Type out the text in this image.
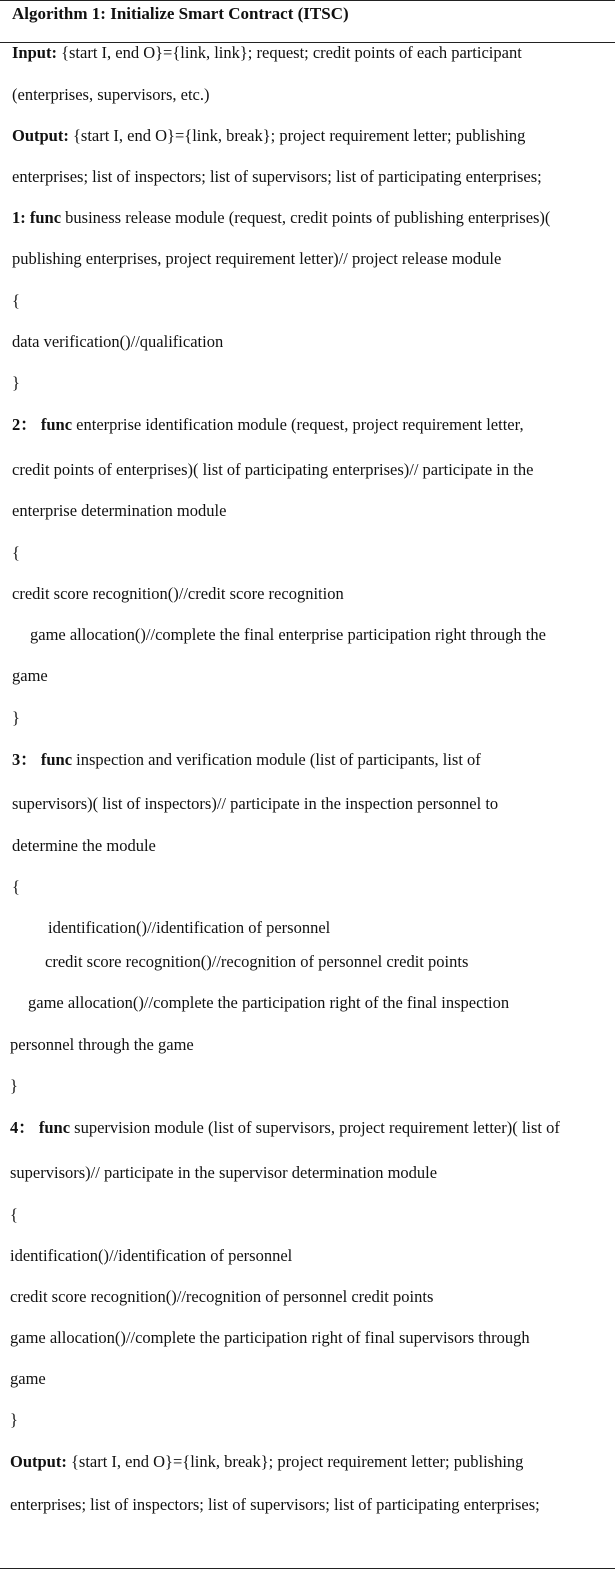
Algorithm 1: Initialize Smart Contract (ITSC)
Input: {start I, end O}={link, link}; request; credit points of each participant
(enterprises, supervisors, etc.)
Output: {start I, end O}={link, break}; project requirement letter; publishing
enterprises; list of inspectors; list of supervisors; list of participating enterprises;
1: func business release module (request, credit points of publishing enterprises)(
publishing enterprises, project requirement letter)// project release module
{
data verification()//qualification
}
2： func enterprise identification module (request, project requirement letter,
credit points of enterprises)( list of participating enterprises)// participate in the
enterprise determination module
{
credit score recognition()//credit score recognition
game allocation()//complete the final enterprise participation right through the
game
}
3： func inspection and verification module (list of participants, list of
supervisors)( list of inspectors)// participate in the inspection personnel to
determine the module
{
identification()//identification of personnel
credit score recognition()//recognition of personnel credit points
game allocation()//complete the participation right of the final inspection
personnel through the game
}
4： func supervision module (list of supervisors, project requirement letter)( list of
supervisors)// participate in the supervisor determination module
{
identification()//identification of personnel
credit score recognition()//recognition of personnel credit points
game allocation()//complete the participation right of final supervisors through
game
}
Output: {start I, end O}={link, break}; project requirement letter; publishing
enterprises; list of inspectors; list of supervisors; list of participating enterprises;
